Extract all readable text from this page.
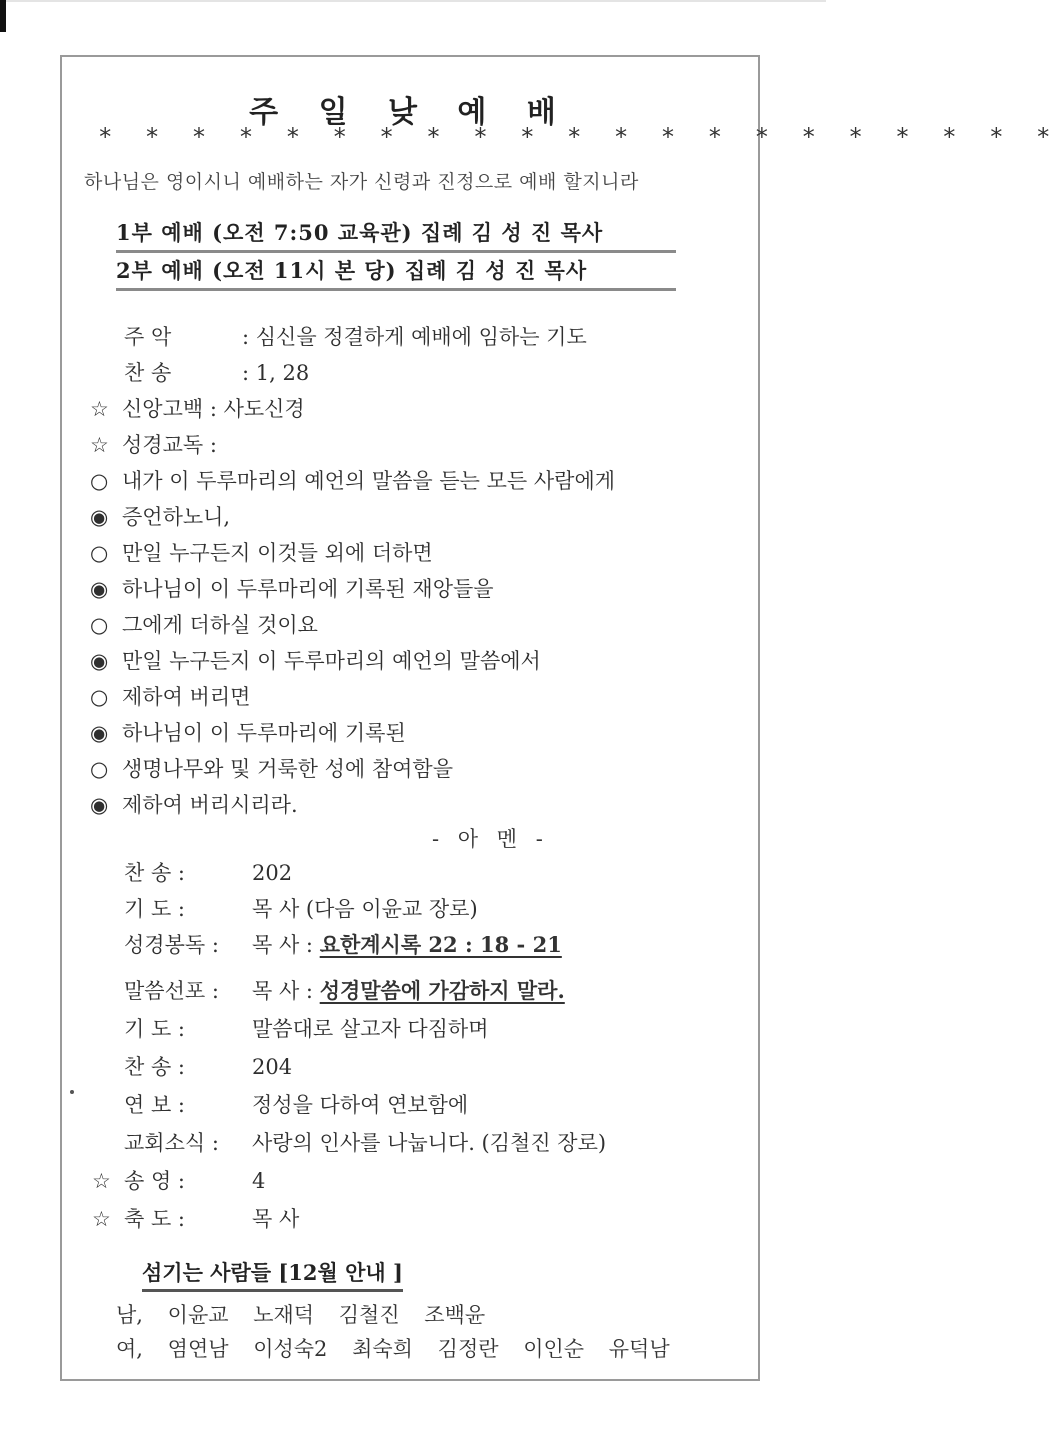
주 일 낮 예 배
* * * * * * * * * * * * * * * * * * * * *
하나님은 영이시니 예배하는 자가 신령과 진정으로 예배 할지니라
1부 예배 (오전 7:50 교육관) 집례 김 성 진 목사
2부 예배 (오전 11시 본 당) 집례 김 성 진 목사
주 악	: 심신을 정결하게 예배에 임하는 기도
찬 송	: 1, 28
☆ 신앙고백 : 사도신경
☆ 성경교독 :
○ 내가 이 두루마리의 예언의 말씀을 듣는 모든 사람에게
◉ 증언하노니,
○ 만일 누구든지 이것들 외에 더하면
◉ 하나님이 이 두루마리에 기록된 재앙들을
○ 그에게 더하실 것이요
◉ 만일 누구든지 이 두루마리의 예언의 말씀에서
○ 제하여 버리면
◉ 하나님이 이 두루마리에 기록된
○ 생명나무와 및 거룩한 성에 참여함을
◉ 제하여 버리시리라.
- 아 멘 -
찬 송 :	202
기 도 :	목 사 (다음 이윤교 장로)
성경봉독 : 목 사 : 요한계시록 22 : 18 - 21
말씀선포 : 목 사 : 성경말씀에 가감하지 말라.
기 도 :	말씀대로 살고자 다짐하며
찬 송 :	204
연 보 :	정성을 다하여 연보함에
교회소식 : 사랑의 인사를 나눕니다. (김철진 장로)
☆ 송 영 :	4
☆ 축 도 :	목 사
섬기는 사람들 [12월 안내 ]
남, 이윤교 노재덕 김철진 조백윤
여, 염연남 이성숙2 최숙희 김정란 이인순 유덕남
